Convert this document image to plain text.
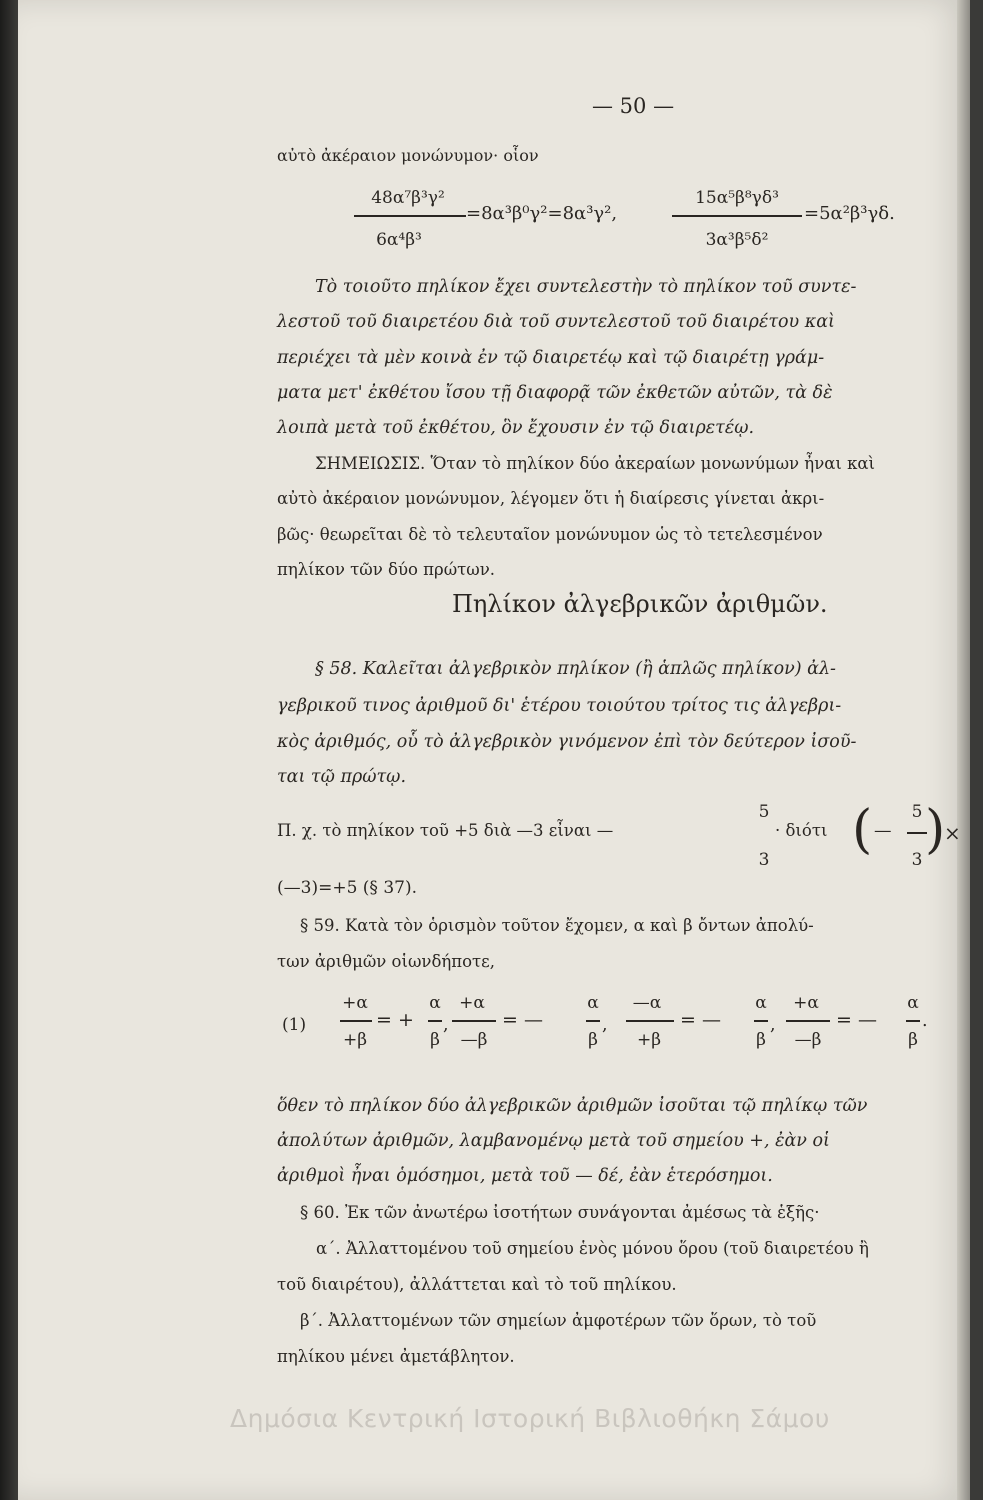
— 50 —
αὐτὸ ἀκέραιον μονώνυμον· οἷον
48α⁷β³γ²
6α⁴β³
=8α³β⁰γ²=8α³γ²,
15α⁵β⁸γδ³
3α³β⁵δ²
=5α²β³γδ.
Τὸ τοιοῦτο πηλίκον ἔχει συντελεστὴν τὸ πηλίκον τοῦ συντε-
λεστοῦ τοῦ διαιρετέου διὰ τοῦ συντελεστοῦ τοῦ διαιρέτου καὶ
περιέχει τὰ μὲν κοινὰ ἐν τῷ διαιρετέῳ καὶ τῷ διαιρέτῃ γράμ-
ματα μετ' ἐκθέτου ἴσου τῇ διαφορᾷ τῶν ἐκθετῶν αὐτῶν, τὰ δὲ
λοιπὰ μετὰ τοῦ ἐκθέτου, ὃν ἔχουσιν ἐν τῷ διαιρετέῳ.
ΣΗΜΕΙΩΣΙΣ. Ὅταν τὸ πηλίκον δύο ἀκεραίων μονωνύμων ἦναι καὶ
αὐτὸ ἀκέραιον μονώνυμον, λέγομεν ὅτι ἡ διαίρεσις γίνεται ἀκρι-
βῶς· θεωρεῖται δὲ τὸ τελευταῖον μονώνυμον ὡς τὸ τετελεσμένον
πηλίκον τῶν δύο πρώτων.
Πηλίκον ἀλγεβρικῶν ἀριθμῶν.
§ 58. Καλεῖται ἀλγεβρικὸν πηλίκον (ἢ ἁπλῶς πηλίκον) ἀλ-
γεβρικοῦ τινος ἀριθμοῦ δι' ἑτέρου τοιούτου τρίτος τις ἀλγεβρι-
κὸς ἀριθμός, οὗ τὸ ἀλγεβρικὸν γινόμενον ἐπὶ τὸν δεύτερον ἰσοῦ-
ται τῷ πρώτῳ.
Π. χ. τὸ πηλίκον τοῦ +5 διὰ —3 εἶναι —
5
3
· διότι ( —
5
3 )
×
(—3)=+5 (§ 37).
§ 59. Κατὰ τὸν ὁρισμὸν τοῦτον ἔχομεν, α καὶ β ὄντων ἀπολύ-
των ἀριθμῶν οἱωνδήποτε,
(1)
+α
+β
= +
α
β
,
+α
—β
= —
α
β
,
—α
+β
= —
α
β
,
+α
—β
= —
α
β
.
ὅθεν τὸ πηλίκον δύο ἀλγεβρικῶν ἀριθμῶν ἰσοῦται τῷ πηλίκῳ τῶν
ἀπολύτων ἀριθμῶν, λαμβανομένῳ μετὰ τοῦ σημείου +, ἐὰν οἱ
ἀριθμοὶ ἦναι ὁμόσημοι, μετὰ τοῦ — δέ, ἐὰν ἑτερόσημοι.
§ 60. Ἐκ τῶν ἀνωτέρω ἰσοτήτων συνάγονται ἀμέσως τὰ ἑξῆς·
α΄. Ἀλλαττομένου τοῦ σημείου ἑνὸς μόνου ὅρου (τοῦ διαιρετέου ἢ
τοῦ διαιρέτου), ἀλλάττεται καὶ τὸ τοῦ πηλίκου.
β΄. Ἀλλαττομένων τῶν σημείων ἀμφοτέρων τῶν ὅρων, τὸ τοῦ
πηλίκου μένει ἀμετάβλητον.
Δημόσια Κεντρική Ιστορική Βιβλιοθήκη Σάμου
